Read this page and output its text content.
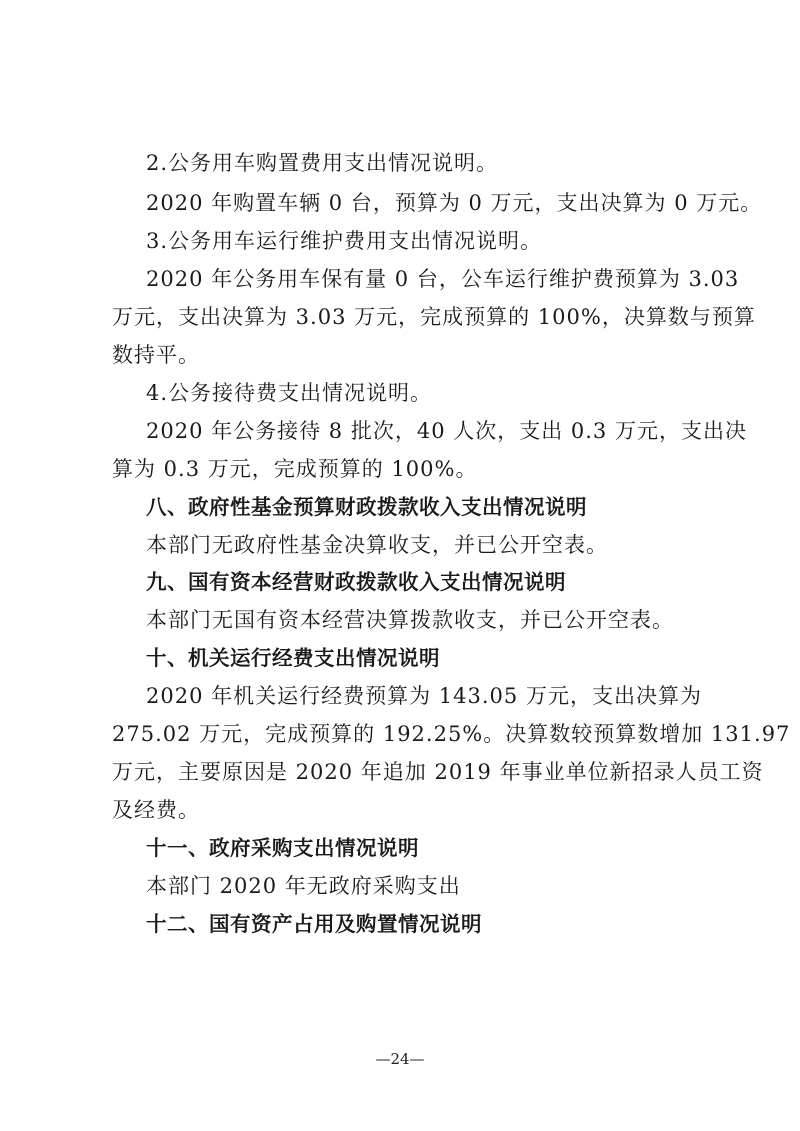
2.公务用车购置费用支出情况说明。

2020 年购置车辆 0 台，预算为 0 万元，支出决算为 0 万元。

3.公务用车运行维护费用支出情况说明。

2020 年公务用车保有量 0 台，公车运行维护费预算为 3.03

万元，支出决算为 3.03 万元，完成预算的 100%，决算数与预算

数持平。

4.公务接待费支出情况说明。

2020 年公务接待 8 批次，40 人次，支出 0.3 万元，支出决

算为 0.3 万元，完成预算的 100%。

八、政府性基金预算财政拨款收入支出情况说明

本部门无政府性基金决算收支，并已公开空表。

九、国有资本经营财政拨款收入支出情况说明

本部门无国有资本经营决算拨款收支，并已公开空表。

十、机关运行经费支出情况说明

2020 年机关运行经费预算为 143.05 万元，支出决算为

275.02 万元，完成预算的 192.25%。决算数较预算数增加 131.97

万元，主要原因是 2020 年追加 2019 年事业单位新招录人员工资

及经费。

十一、政府采购支出情况说明

本部门 2020 年无政府采购支出

十二、国有资产占用及购置情况说明

—24—
